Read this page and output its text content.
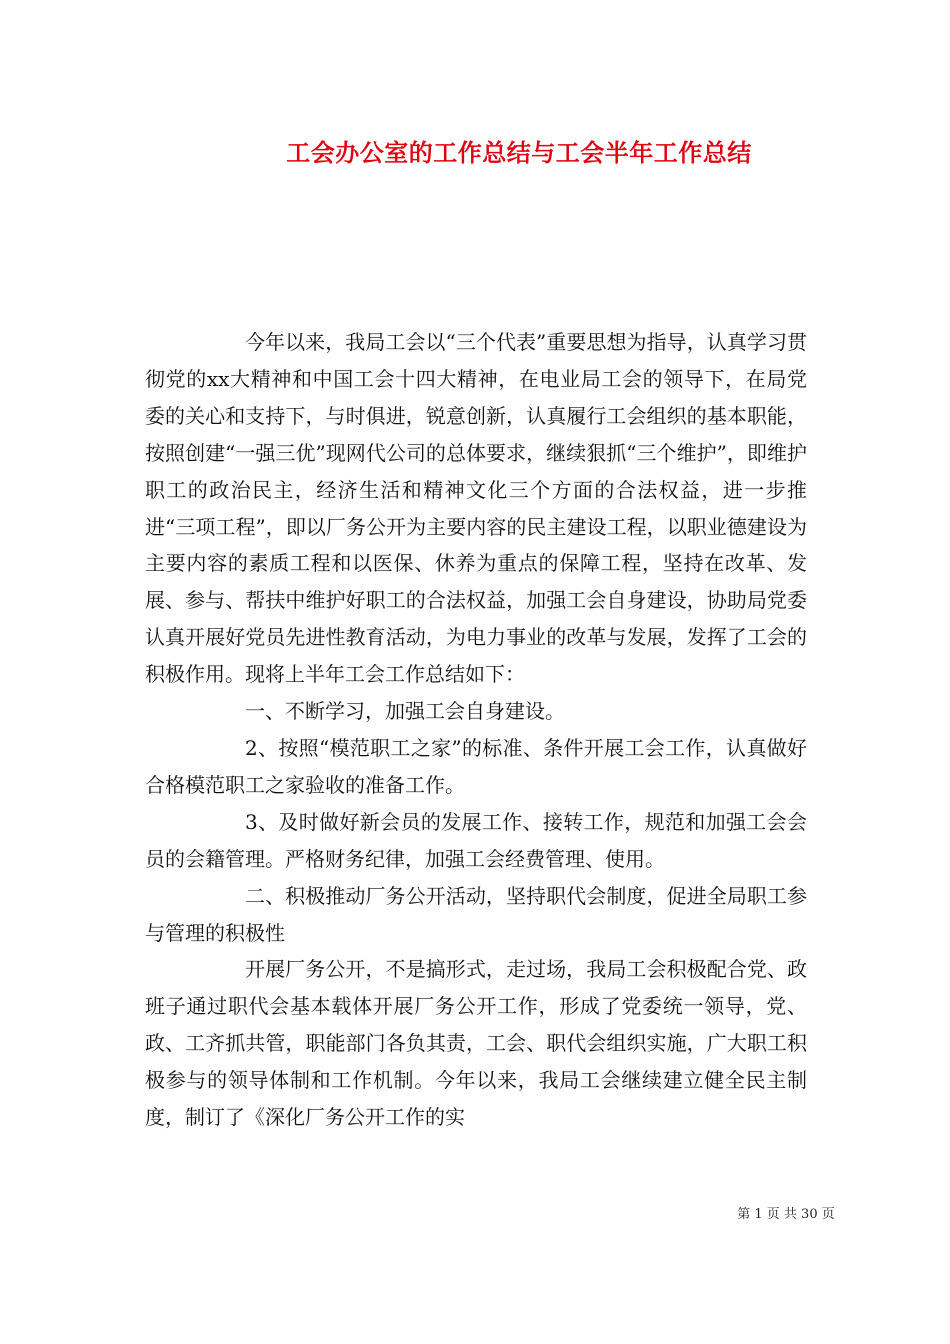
工会办公室的工作总结与工会半年工作总结

今年以来，我局工会以“三个代表”重要思想为指导，认真学习贯彻党的xx大精神和中国工会十四大精神，在电业局工会的领导下，在局党委的关心和支持下，与时俱进，锐意创新，认真履行工会组织的基本职能，按照创建“一强三优”现网代公司的总体要求，继续狠抓“三个维护”，即维护职工的政治民主，经济生活和精神文化三个方面的合法权益，进一步推进“三项工程”，即以厂务公开为主要内容的民主建设工程，以职业德建设为主要内容的素质工程和以医保、休养为重点的保障工程，坚持在改革、发展、参与、帮扶中维护好职工的合法权益，加强工会自身建设，协助局党委认真开展好党员先进性教育活动，为电力事业的改革与发展，发挥了工会的积极作用。现将上半年工会工作总结如下：

一、不断学习，加强工会自身建设。

2、按照“模范职工之家”的标准、条件开展工会工作，认真做好合格模范职工之家验收的准备工作。

3、及时做好新会员的发展工作、接转工作，规范和加强工会会员的会籍管理。严格财务纪律，加强工会经费管理、使用。

二、积极推动厂务公开活动，坚持职代会制度，促进全局职工参与管理的积极性

开展厂务公开，不是搞形式，走过场，我局工会积极配合党、政班子通过职代会基本载体开展厂务公开工作，形成了党委统一领导，党、政、工齐抓共管，职能部门各负其责，工会、职代会组织实施，广大职工积极参与的领导体制和工作机制。今年以来，我局工会继续建立健全民主制度，制订了《深化厂务公开工作的实

第 1 页 共 30 页
